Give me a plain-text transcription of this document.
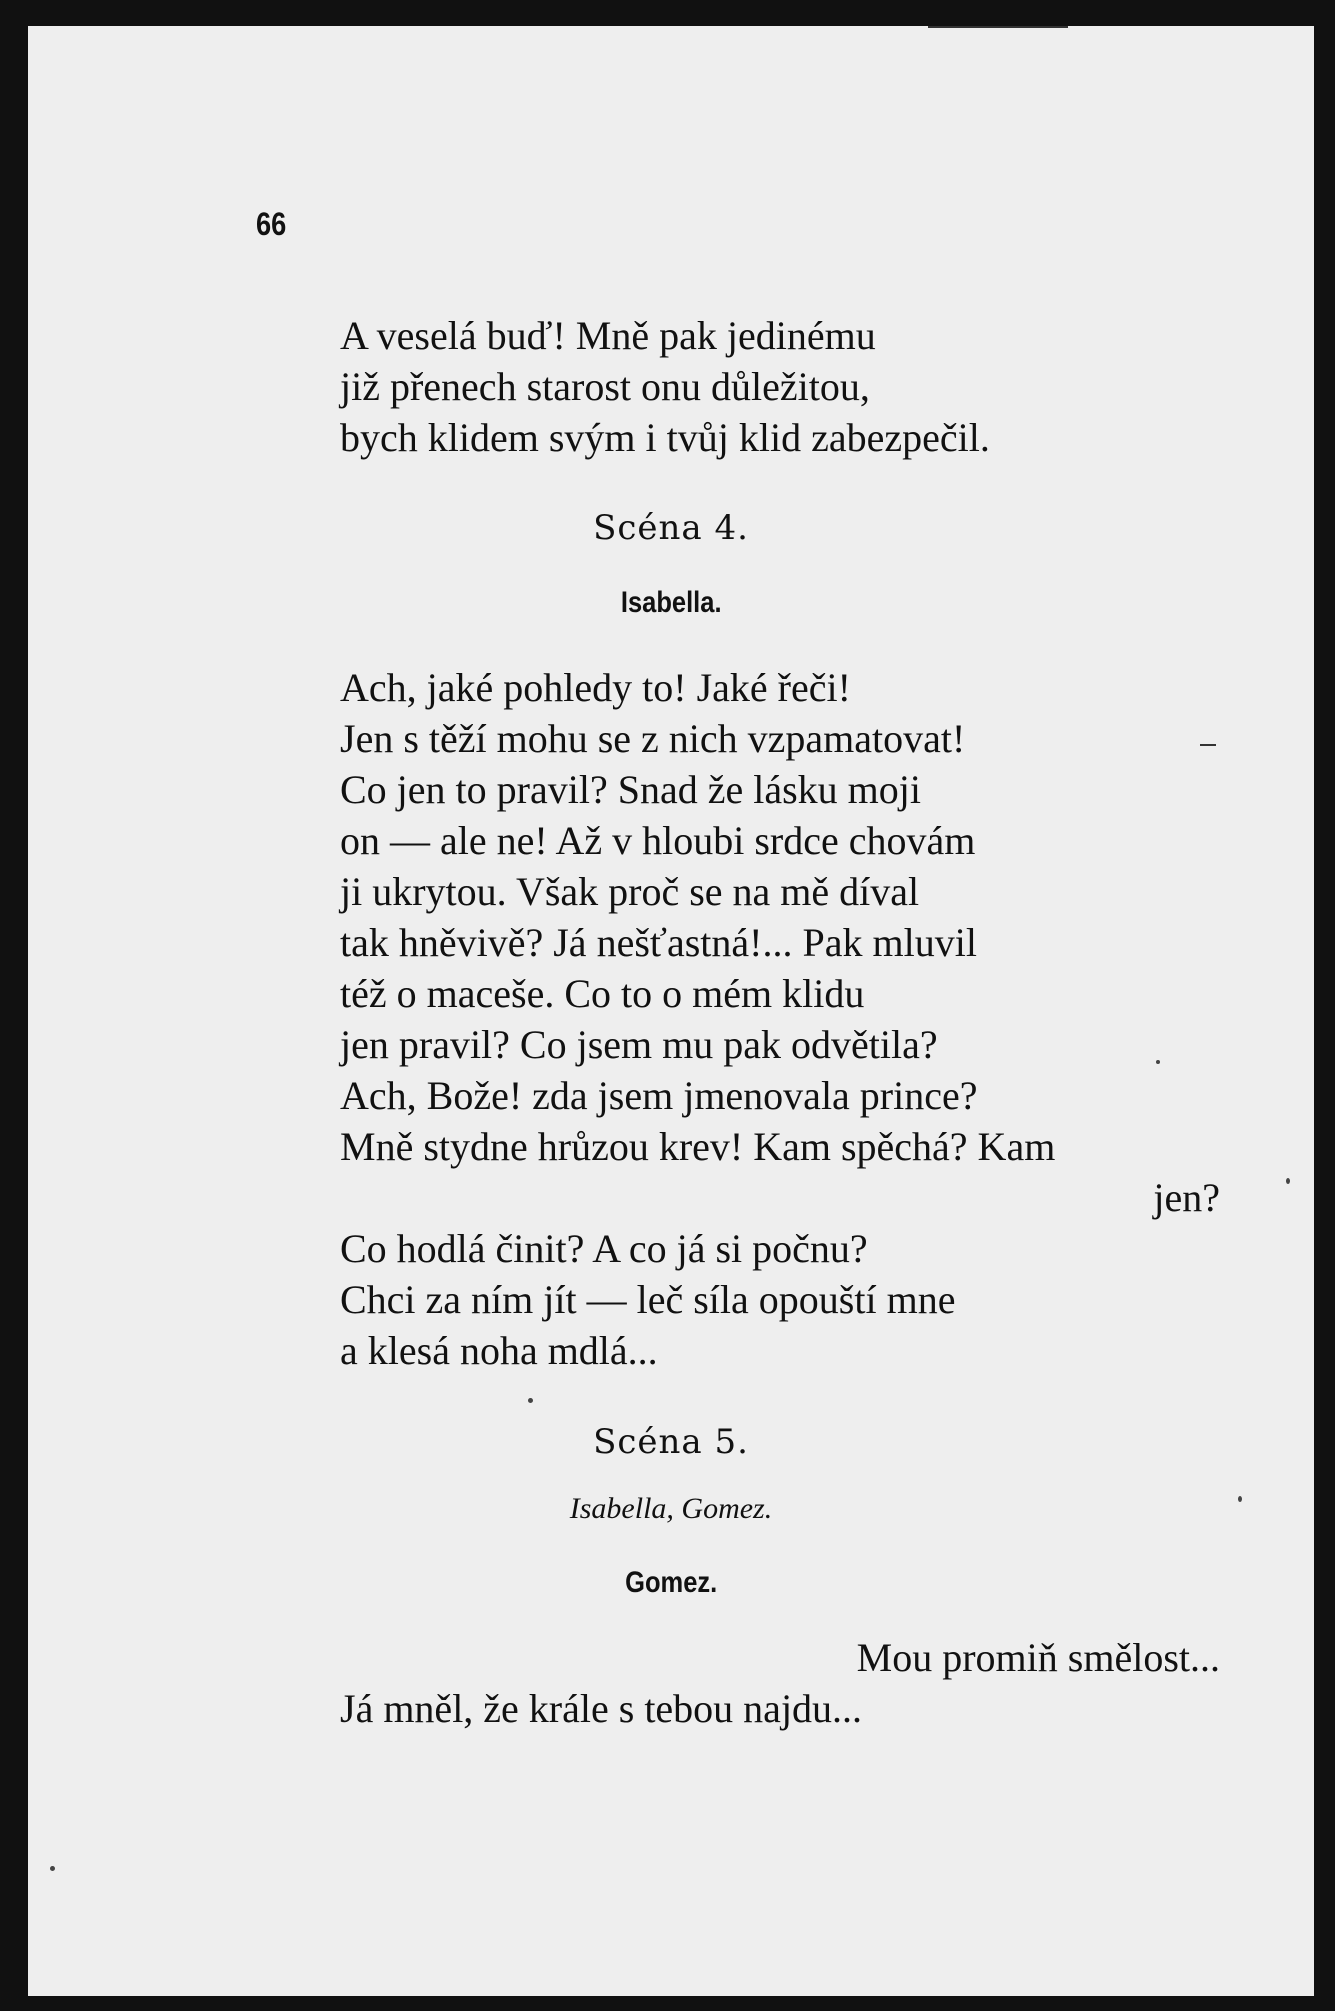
66
A veselá buď! Mně pak jedinému
již přenech starost onu důležitou,
bych klidem svým i tvůj klid zabezpečil.
Scéna 4.
Isabella.
Ach, jaké pohledy to! Jaké řeči!
Jen s těží mohu se z nich vzpamatovat!
Co jen to pravil? Snad že lásku moji
on — ale ne! Až v hloubi srdce chovám
ji ukrytou. Však proč se na mě díval
tak hněvivě? Já nešťastná!... Pak mluvil
též o maceše. Co to o mém klidu
jen pravil? Co jsem mu pak odvětila?
Ach, Bože! zda jsem jmenovala prince?
Mně stydne hrůzou krev! Kam spěchá? Kam
jen?
Co hodlá činit? A co já si počnu?
Chci za ním jít — leč síla opouští mne
a klesá noha mdlá...
Scéna 5.
Isabella, Gomez.
Gomez.
Mou promiň smělost...
Já mněl, že krále s tebou najdu...
